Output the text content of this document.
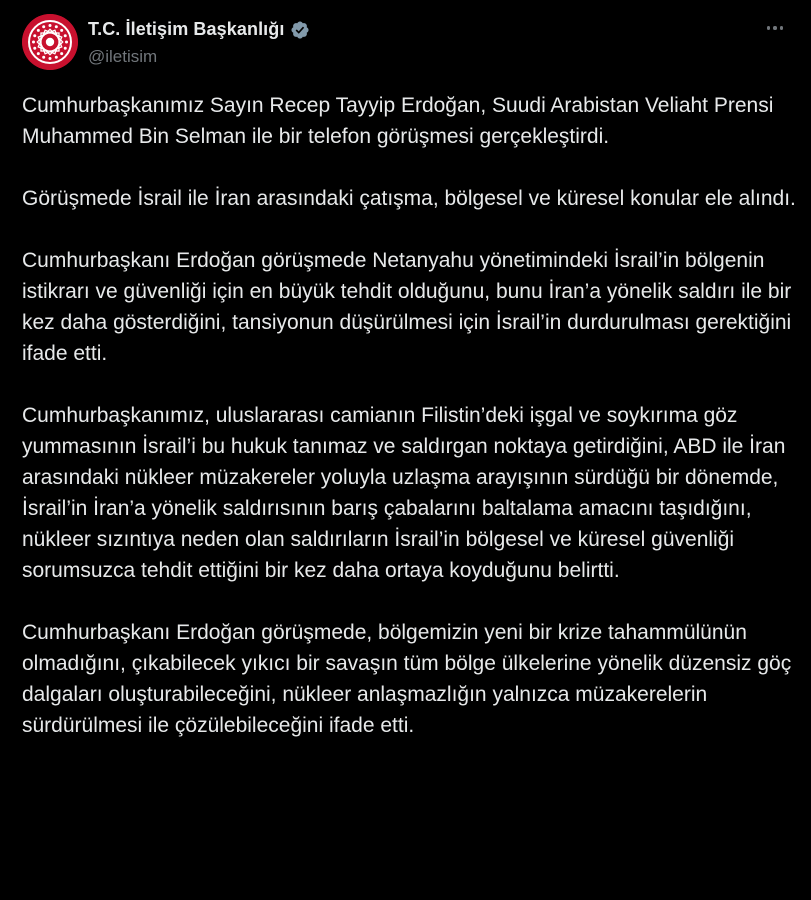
T.C. İletişim Başkanlığı
@iletisim

Cumhurbaşkanımız Sayın Recep Tayyip Erdoğan, Suudi Arabistan Veliaht Prensi Muhammed Bin Selman ile bir telefon görüşmesi gerçekleştirdi.

Görüşmede İsrail ile İran arasındaki çatışma, bölgesel ve küresel konular ele alındı.

Cumhurbaşkanı Erdoğan görüşmede Netanyahu yönetimindeki İsrail’in bölgenin istikrarı ve güvenliği için en büyük tehdit olduğunu, bunu İran’a yönelik saldırı ile bir kez daha gösterdiğini, tansiyonun düşürülmesi için İsrail’in durdurulması gerektiğini ifade etti.

Cumhurbaşkanımız, uluslararası camianın Filistin’deki işgal ve soykırıma göz yummasının İsrail’i bu hukuk tanımaz ve saldırgan noktaya getirdiğini, ABD ile İran arasındaki nükleer müzakereler yoluyla uzlaşma arayışının sürdüğü bir dönemde, İsrail’in İran’a yönelik saldırısının barış çabalarını baltalama amacını taşıdığını, nükleer sızıntıya neden olan saldırıların İsrail’in bölgesel ve küresel güvenliği sorumsuzca tehdit ettiğini bir kez daha ortaya koyduğunu belirtti.

Cumhurbaşkanı Erdoğan görüşmede, bölgemizin yeni bir krize tahammülünün olmadığını, çıkabilecek yıkıcı bir savaşın tüm bölge ülkelerine yönelik düzensiz göç dalgaları oluşturabileceğini, nükleer anlaşmazlığın yalnızca müzakerelerin sürdürülmesi ile çözülebileceğini ifade etti.
